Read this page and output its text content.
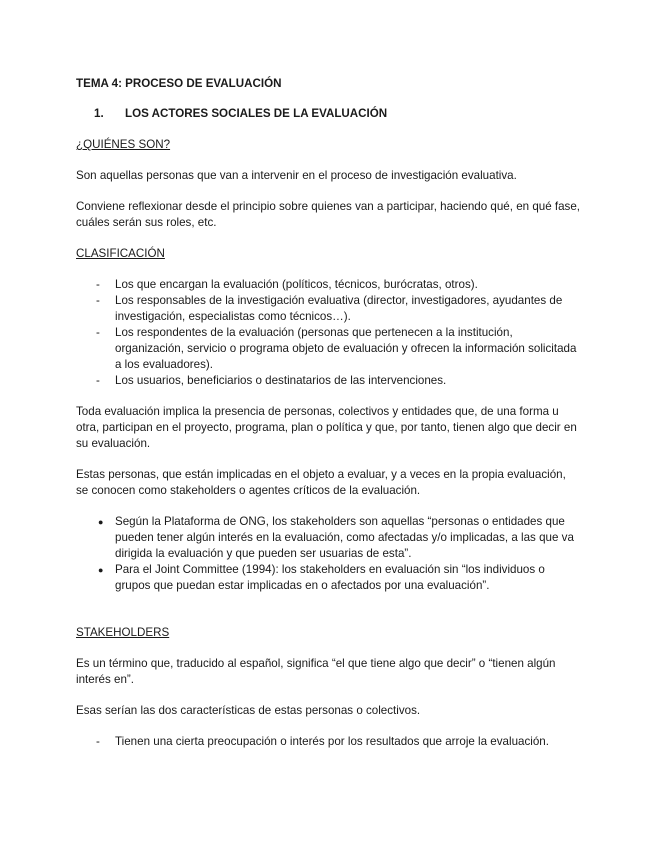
TEMA 4: PROCESO DE EVALUACIÓN
1.	LOS ACTORES SOCIALES DE LA EVALUACIÓN
¿QUIÉNES SON?

Son aquellas personas que van a intervenir en el proceso de investigación evaluativa.

Conviene reflexionar desde el principio sobre quienes van a participar, haciendo qué, en qué fase, cuáles serán sus roles, etc.

CLASIFICACIÓN
- Los que encargan la evaluación (políticos, técnicos, burócratas, otros).
- Los responsables de la investigación evaluativa (director, investigadores, ayudantes de investigación, especialistas como técnicos…).
- Los respondentes de la evaluación (personas que pertenecen a la institución, organización, servicio o programa objeto de evaluación y ofrecen la información solicitada a los evaluadores).
- Los usuarios, beneficiarios o destinatarios de las intervenciones.

Toda evaluación implica la presencia de personas, colectivos y entidades que, de una forma u otra, participan en el proyecto, programa, plan o política y que, por tanto, tienen algo que decir en su evaluación.

Estas personas, que están implicadas en el objeto a evaluar, y a veces en la propia evaluación, se conocen como stakeholders o agentes críticos de la evaluación.

● Según la Plataforma de ONG, los stakeholders son aquellas “personas o entidades que pueden tener algún interés en la evaluación, como afectadas y/o implicadas, a las que va dirigida la evaluación y que pueden ser usuarias de esta”.
● Para el Joint Committee (1994): los stakeholders en evaluación sin “los individuos o grupos que puedan estar implicadas en o afectados por una evaluación”.
STAKEHOLDERS

Es un término que, traducido al español, significa “el que tiene algo que decir” o “tienen algún interés en”.

Esas serían las dos características de estas personas o colectivos.

- Tienen una cierta preocupación o interés por los resultados que arroje la evaluación.
